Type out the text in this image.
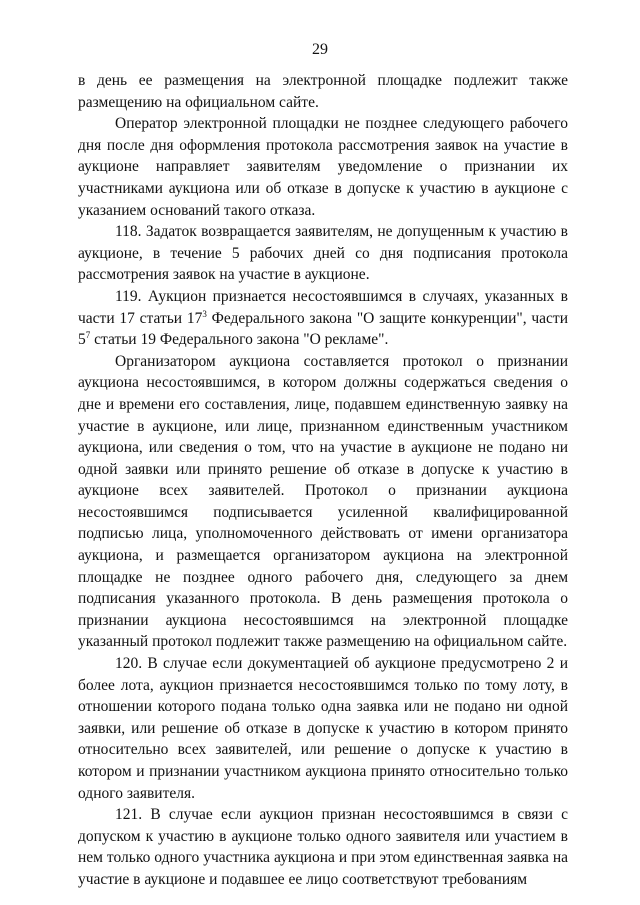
29

в день ее размещения на электронной площадке подлежит также размещению на официальном сайте.

Оператор электронной площадки не позднее следующего рабочего дня после дня оформления протокола рассмотрения заявок на участие в аукционе направляет заявителям уведомление о признании их участниками аукциона или об отказе в допуске к участию в аукционе с указанием оснований такого отказа.

118. Задаток возвращается заявителям, не допущенным к участию в аукционе, в течение 5 рабочих дней со дня подписания протокола рассмотрения заявок на участие в аукционе.

119. Аукцион признается несостоявшимся в случаях, указанных в части 17 статьи $17^3$ Федерального закона "О защите конкуренции", части $5^7$ статьи 19 Федерального закона "О рекламе".

Организатором аукциона составляется протокол о признании аукциона несостоявшимся, в котором должны содержаться сведения о дне и времени его составления, лице, подавшем единственную заявку на участие в аукционе, или лице, признанном единственным участником аукциона, или сведения о том, что на участие в аукционе не подано ни одной заявки или принято решение об отказе в допуске к участию в аукционе всех заявителей. Протокол о признании аукциона несостоявшимся подписывается усиленной квалифицированной подписью лица, уполномоченного действовать от имени организатора аукциона, и размещается организатором аукциона на электронной площадке не позднее одного рабочего дня, следующего за днем подписания указанного протокола. В день размещения протокола о признании аукциона несостоявшимся на электронной площадке указанный протокол подлежит также размещению на официальном сайте.

120. В случае если документацией об аукционе предусмотрено 2 и более лота, аукцион признается несостоявшимся только по тому лоту, в отношении которого подана только одна заявка или не подано ни одной заявки, или решение об отказе в допуске к участию в котором принято относительно всех заявителей, или решение о допуске к участию в котором и признании участником аукциона принято относительно только одного заявителя.

121. В случае если аукцион признан несостоявшимся в связи с допуском к участию в аукционе только одного заявителя или участием в нем только одного участника аукциона и при этом единственная заявка на участие в аукционе и подавшее ее лицо соответствуют требованиям
